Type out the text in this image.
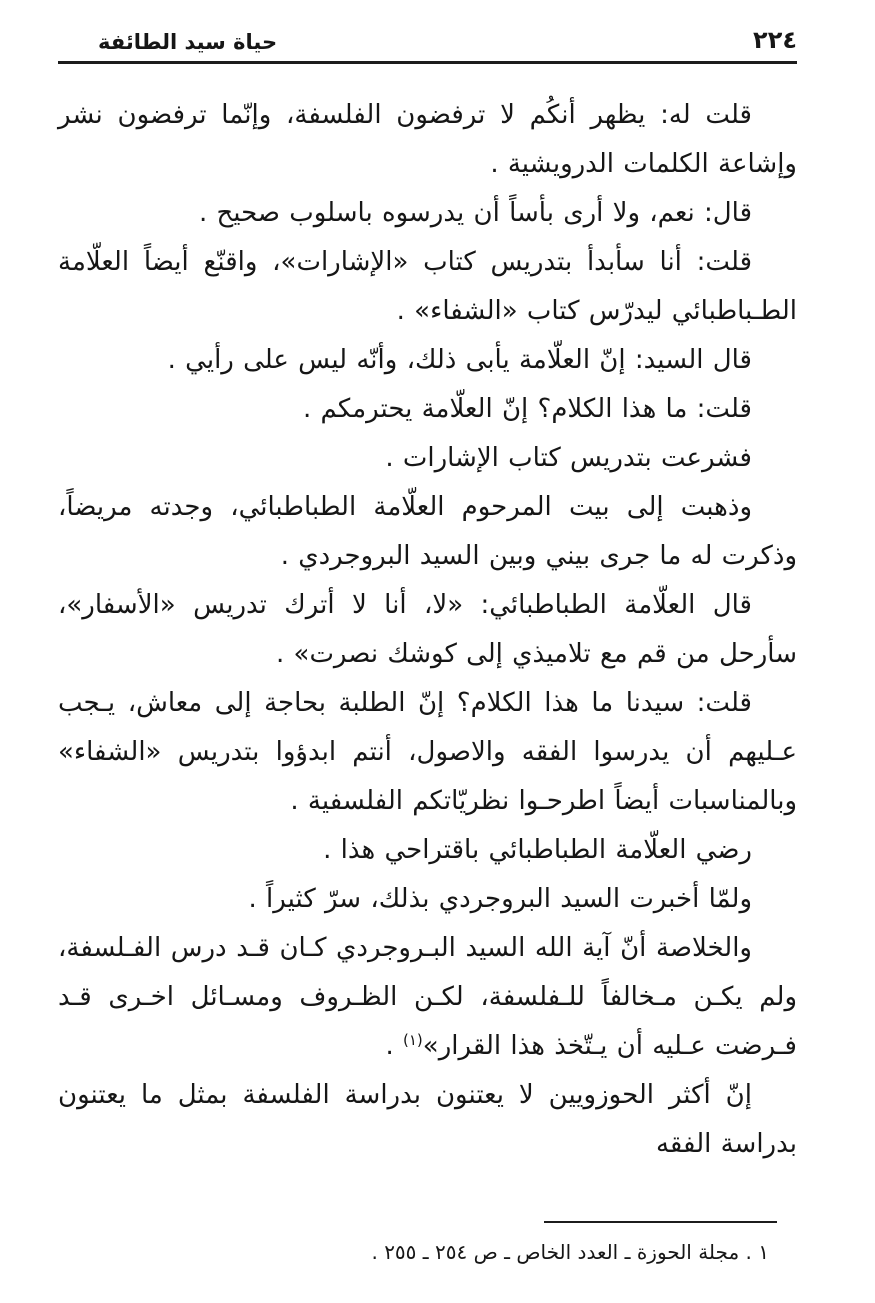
حياة سيد الطائفة	٢٢٤

قلت له: يظهر أنكُم لا ترفضون الفلسفة، وإنّما ترفضون نشر وإشاعة الكلمات الدرويشية .

قال: نعم، ولا أرى بأساً أن يدرسوه باسلوب صحيح .

قلت: أنا سأبدأ بتدريس كتاب «الإشارات»، واقنّع أيضاً العلّامة الطـباطبائي ليدرّس كتاب «الشفاء» .

قال السيد: إنّ العلّامة يأبى ذلك، وأنّه ليس على رأيي .

قلت: ما هذا الكلام؟ إنّ العلّامة يحترمكم .

فشرعت بتدريس كتاب الإشارات .

وذهبت إلى بيت المرحوم العلّامة الطباطبائي، وجدته مريضاً، وذكرت له ما جرى بيني وبين السيد البروجردي .

قال العلّامة الطباطبائي: «لا، أنا لا أترك تدريس «الأسفار»، سأرحل من قم مع تلاميذي إلى كوشك نصرت» .

قلت: سيدنا ما هذا الكلام؟ إنّ الطلبة بحاجة إلى معاش، يـجب عـليهم أن يدرسوا الفقه والاصول، أنتم ابدؤوا بتدريس «الشفاء» وبالمناسبات أيضاً اطرحـوا نظريّاتكم الفلسفية .

رضي العلّامة الطباطبائي باقتراحي هذا .

ولمّا أخبرت السيد البروجردي بذلك، سرّ كثيراً .

والخلاصة أنّ آية الله السيد البـروجردي كـان قـد درس الفـلسفة، ولم يكـن مـخالفاً للـفلسفة، لكـن الظـروف ومسـائل اخـرى قـد فـرضت عـليه أن يـتّخذ هذا القرار»$^{(١)}$ .

إنّ أكثر الحوزويين لا يعتنون بدراسة الفلسفة بمثل ما يعتنون بدراسة الفقه

١ . مجلة الحوزة ـ العدد الخاص ـ ص ٢٥٤ ـ ٢٥٥ .
